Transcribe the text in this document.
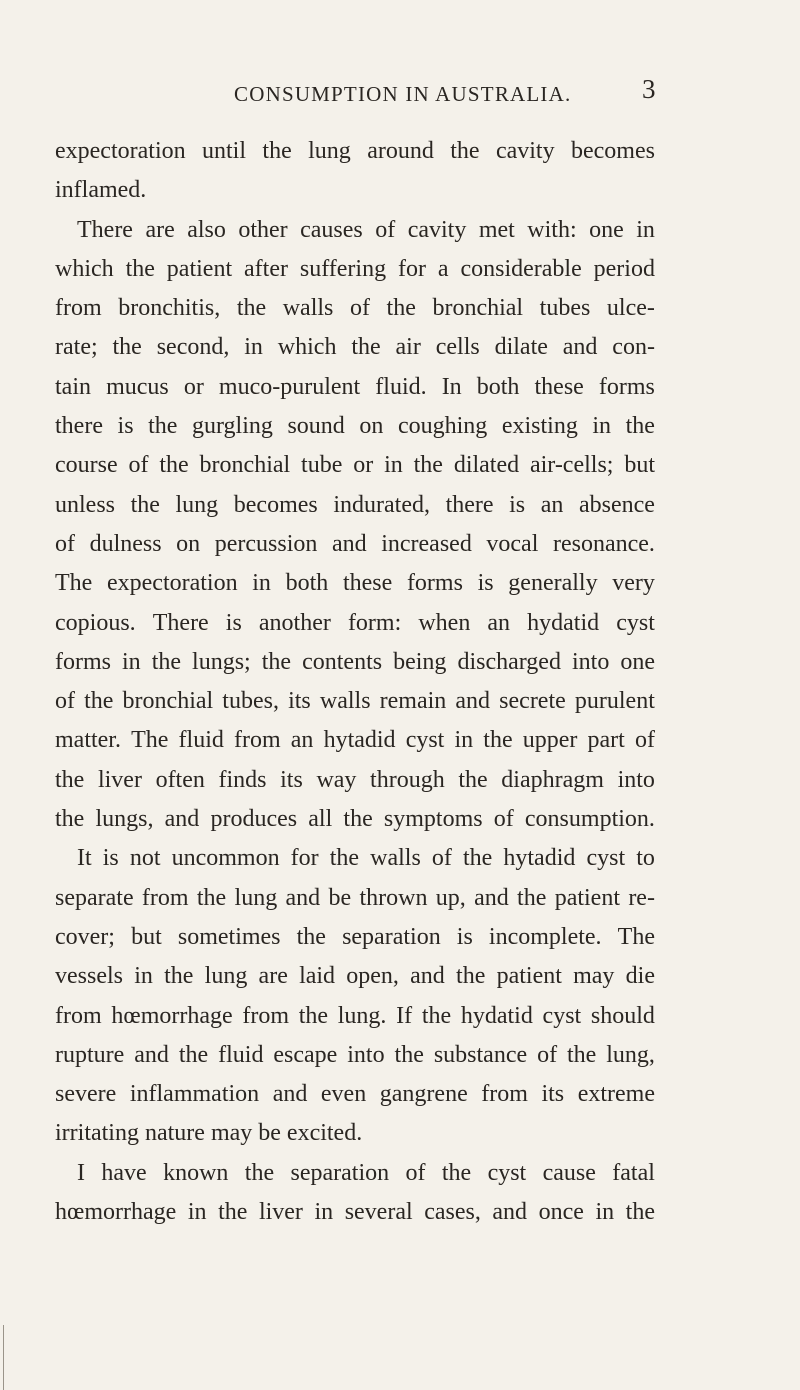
CONSUMPTION IN AUSTRALIA.	3
expectoration until the lung around the cavity becomes
inflamed.
There are also other causes of cavity met with: one in
which the patient after suffering for a considerable period
from bronchitis, the walls of the bronchial tubes ulce-
rate; the second, in which the air cells dilate and con-
tain mucus or muco-purulent fluid. In both these forms
there is the gurgling sound on coughing existing in the
course of the bronchial tube or in the dilated air-cells; but
unless the lung becomes indurated, there is an absence
of dulness on percussion and increased vocal resonance.
The expectoration in both these forms is generally very
copious. There is another form: when an hydatid cyst
forms in the lungs; the contents being discharged into one
of the bronchial tubes, its walls remain and secrete purulent
matter. The fluid from an hytadid cyst in the upper part of
the liver often finds its way through the diaphragm into
the lungs, and produces all the symptoms of consumption.
It is not uncommon for the walls of the hytadid cyst to
separate from the lung and be thrown up, and the patient re-
cover; but sometimes the separation is incomplete. The
vessels in the lung are laid open, and the patient may die
from hœmorrhage from the lung. If the hydatid cyst should
rupture and the fluid escape into the substance of the lung,
severe inflammation and even gangrene from its extreme
irritating nature may be excited.
I have known the separation of the cyst cause fatal
hœmorrhage in the liver in several cases, and once in the
